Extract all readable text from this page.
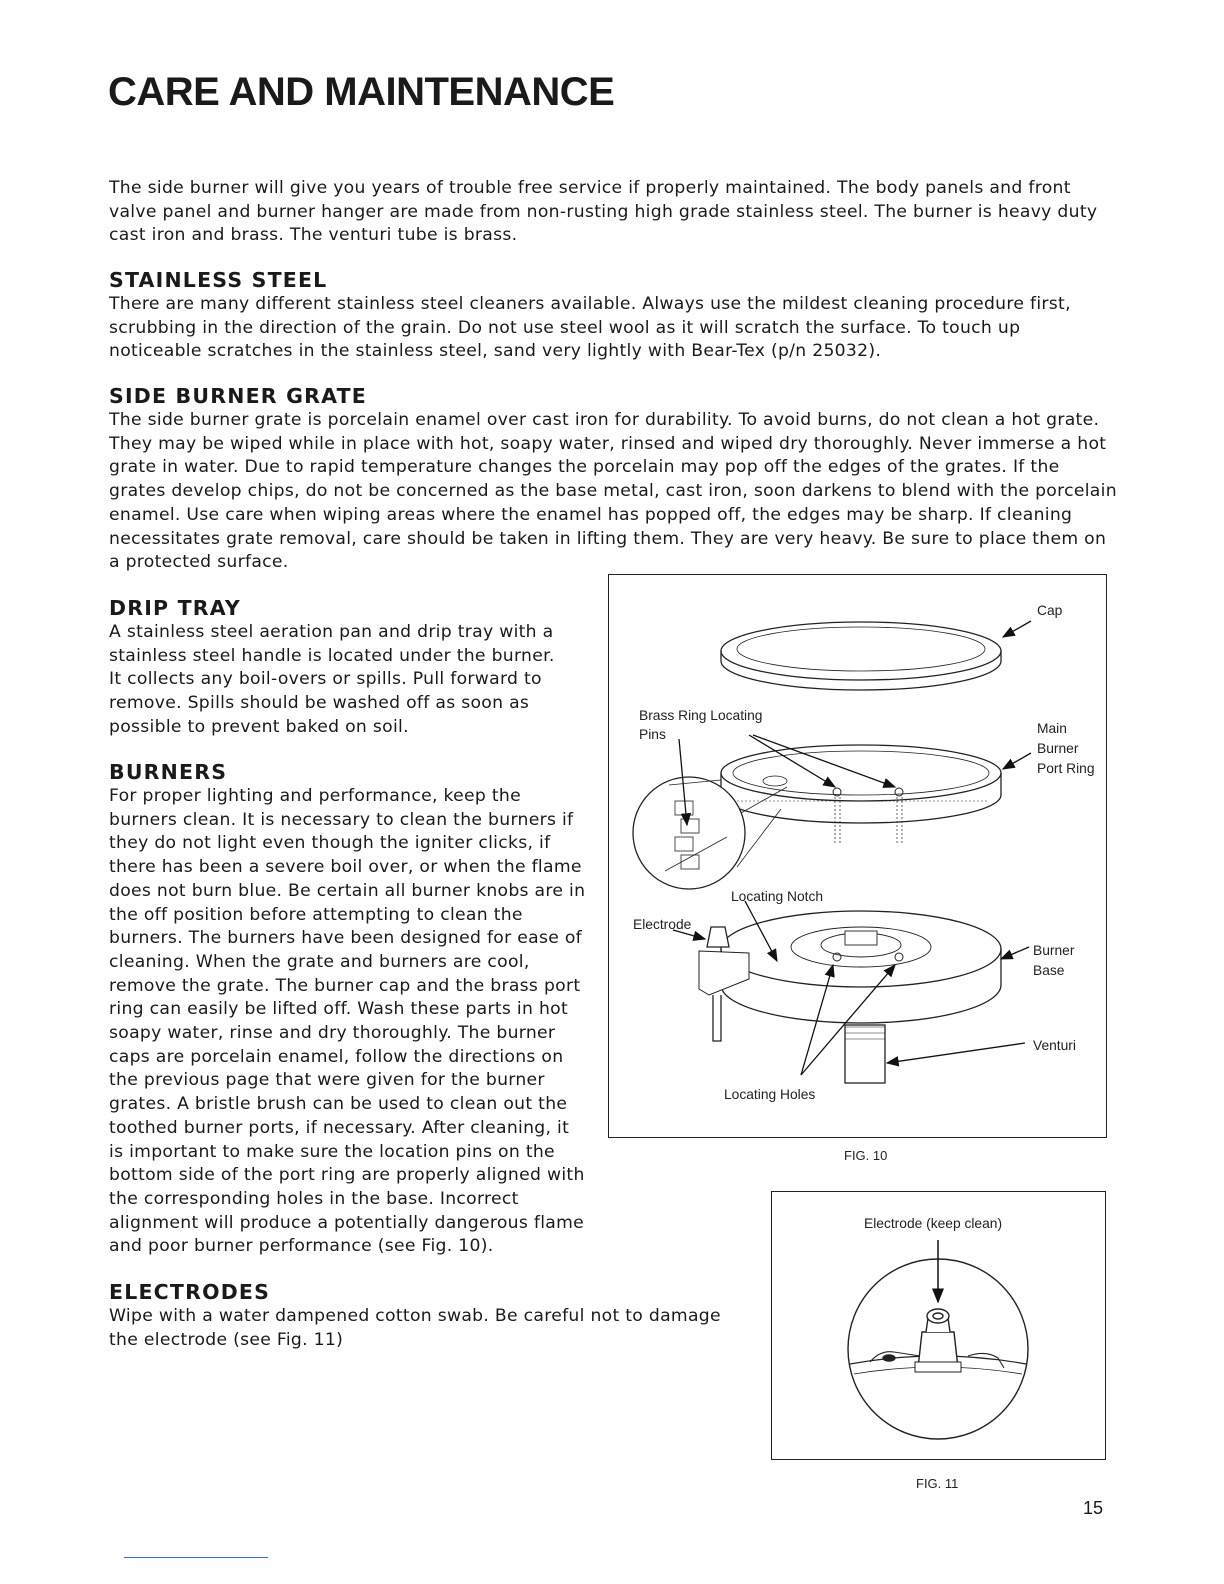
CARE AND MAINTENANCE

The side burner will give you years of trouble free service if properly maintained. The body panels and front valve panel and burner hanger are made from non-rusting high grade stainless steel. The burner is heavy duty cast iron and brass. The venturi tube is brass.

STAINLESS STEEL

There are many different stainless steel cleaners available. Always use the mildest cleaning procedure first, scrubbing in the direction of the grain. Do not use steel wool as it will scratch the surface. To touch up noticeable scratches in the stainless steel, sand very lightly with Bear-Tex (p/n 25032).

SIDE BURNER GRATE

The side burner grate is porcelain enamel over cast iron for durability. To avoid burns, do not clean a hot grate. They may be wiped while in place with hot, soapy water, rinsed and wiped dry thoroughly. Never immerse a hot grate in water. Due to rapid temperature changes the porcelain may pop off the edges of the grates. If the grates develop chips, do not be concerned as the base metal, cast iron, soon darkens to blend with the porcelain enamel. Use care when wiping areas where the enamel has popped off, the edges may be sharp. If cleaning necessitates grate removal, care should be taken in lifting them. They are very heavy. Be sure to place them on a protected surface.

DRIP TRAY

A stainless steel aeration pan and drip tray with a stainless steel handle is located under the burner. It collects any boil-overs or spills. Pull forward to remove. Spills should be washed off as soon as possible to prevent baked on soil.

BURNERS

For proper lighting and performance, keep the burners clean. It is necessary to clean the burners if they do not light even though the igniter clicks, if there has been a severe boil over, or when the flame does not burn blue. Be certain all burner knobs are in the off position before attempting to clean the burners. The burners have been designed for ease of cleaning. When the grate and burners are cool, remove the grate. The burner cap and the brass port ring can easily be lifted off. Wash these parts in hot soapy water, rinse and dry thoroughly. The burner caps are porcelain enamel, follow the directions on the previous page that were given for the burner grates. A bristle brush can be used to clean out the toothed burner ports, if necessary. After cleaning, it is important to make sure the location pins on the bottom side of the port ring are properly aligned with the corresponding holes in the base. Incorrect alignment will produce a potentially dangerous flame and poor burner performance (see Fig. 10).

ELECTRODES

Wipe with a water dampened cotton swab. Be careful not to damage the electrode (see Fig. 11)

Cap
Brass Ring Locating
Pins	Main
Burner
Port Ring
Locating Notch
Electrode
Burner
Base
Venturi
Locating Holes
FIG. 10
Electrode (keep clean)
FIG. 11
15
